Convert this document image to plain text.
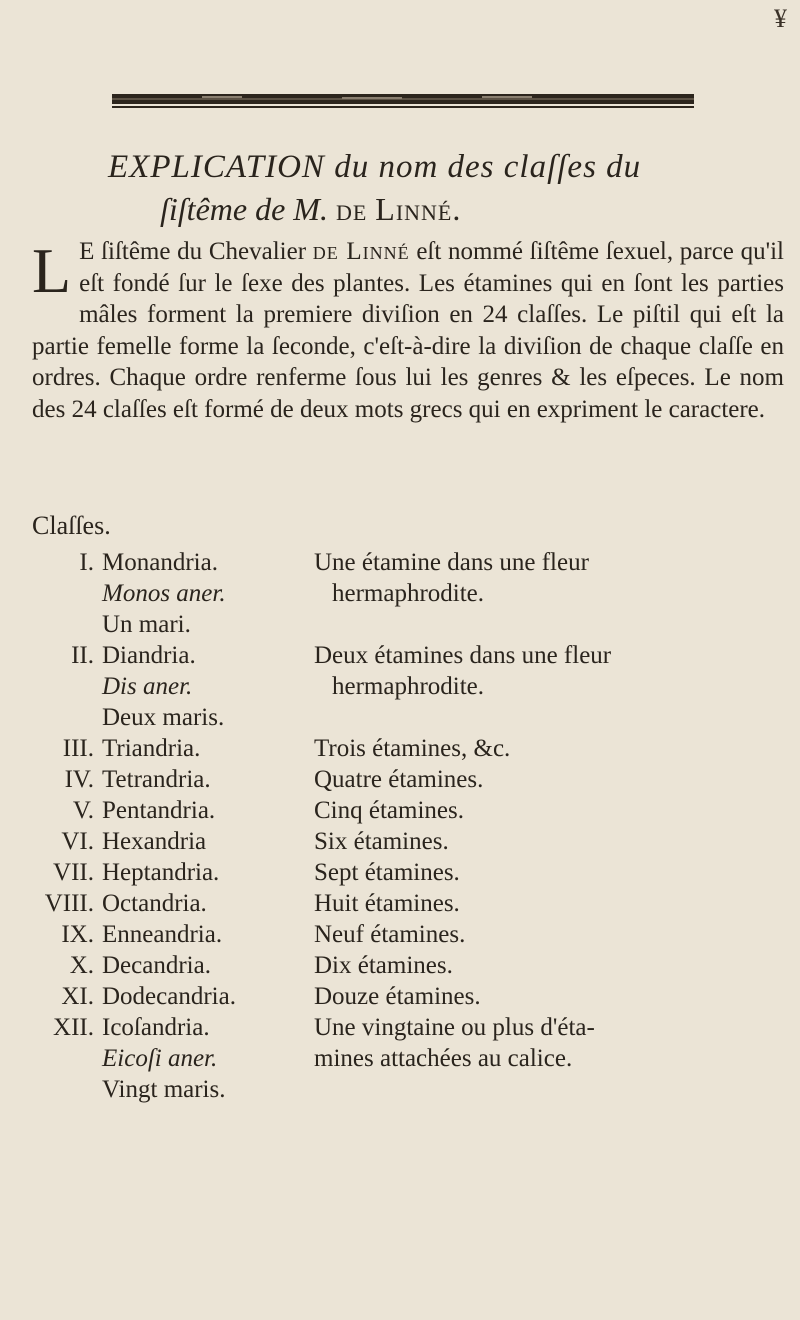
¥
EXPLICATION du nom des claſſes du
ſiſtême de M. de Linné.
L E ſiſtême du Chevalier de Linné eſt nommé ſiſtême ſexuel, parce qu'il eſt fondé ſur le ſexe des plantes. Les étamines qui en ſont les parties mâles forment la premiere diviſion en 24 claſſes. Le piſtil qui eſt la partie femelle forme la ſeconde, c'eſt-à-dire la diviſion de chaque claſſe en ordres. Chaque ordre renferme ſous lui les genres & les eſpeces. Le nom des 24 claſſes eſt formé de deux mots grecs qui en expriment le caractere.
Claſſes.
I. Monandria.	Une étamine dans une fleur
Monos aner.	hermaphrodite.
Un mari.
II. Diandria.	Deux étamines dans une fleur
Dis aner.	hermaphrodite.
Deux maris.
III. Triandria.	Trois étamines, &c.
IV. Tetrandria.	Quatre étamines.
V. Pentandria.	Cinq étamines.
VI. Hexandria	Six étamines.
VII. Heptandria.	Sept étamines.
VIII. Octandria.	Huit étamines.
IX. Enneandria.	Neuf étamines.
X. Decandria.	Dix étamines.
XI. Dodecandria.	Douze étamines.
XII. Icoſandria.	Une vingtaine ou plus d'éta-
Eicoſi aner.	mines attachées au calice.
Vingt maris.
